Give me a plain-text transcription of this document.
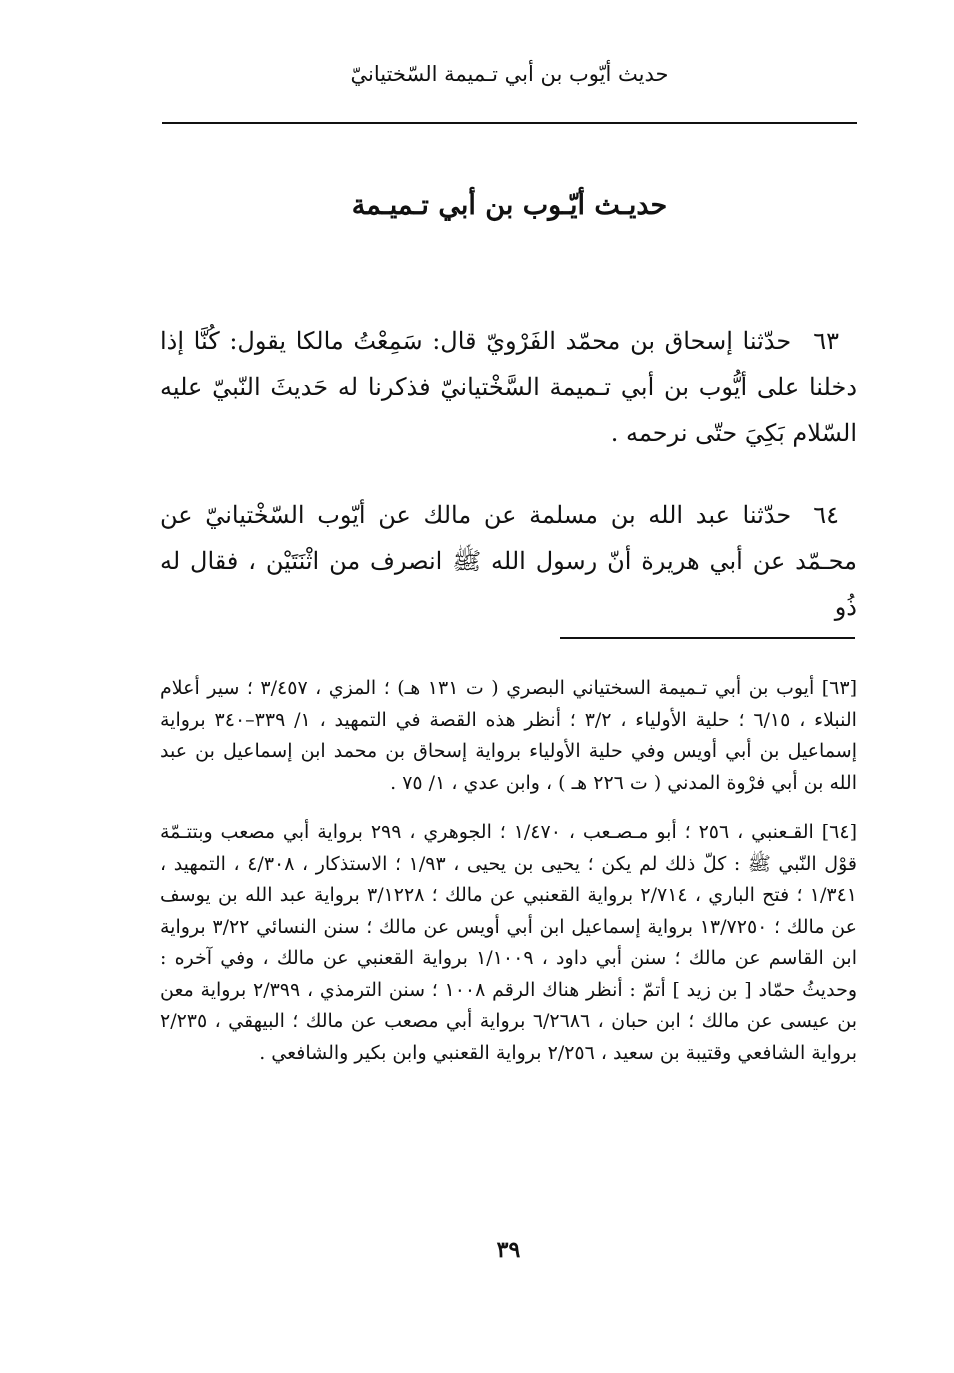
حديث أيّوب بن أبي تـميمة السّختيانيّ
حديـث أيّـوب بن أبي تـميـمة

٦٣حدّثنا إسحاق بن محمّد الفَرْويّ قال: سَمِعْتُ مالكا يقول: كُنَّا إذا دخلنا على أيُّوب بن أبي تـميمة السَّخْتيانيّ فذكرنا له حَديثَ النّبيّ عليه السّلام بَكِيَ حتّى نرحمه .

٦٤حدّثنا عبد الله بن مسلمة عن مالك عن أيّوب السّخْتيانيّ عن محـمّد عن أبي هريرة أنّ رسول الله ﷺ انصرف من اثْنَتَيْن ، فقال له ذُو

[٦٣] أيوب بن أبي تـميمة السختياني البصري ( ت ١٣١ هـ) ؛ المزي ، ٣/٤٥٧ ؛ سير أعلام النبلاء ، ٦/١٥ ؛ حلية الأولياء ، ٣/٢ ؛ أنظر هذه القصة في التمهيد ، ١/ ٣٣٩–٣٤٠ برواية إسماعيل بن أبي أويس وفي حلية الأولياء برواية إسحاق بن محمد ابن إسماعيل بن عبد الله بن أبي فرْوة المدني ( ت ٢٢٦ هـ ) ، وابن عدي ، ١/ ٧٥ .

[٦٤] القـعنبي ، ٢٥٦ ؛ أبو مـصـعب ، ١/٤٧٠ ؛ الجوهري ، ٢٩٩ برواية أبي مصعب وبتتـمّة قوْل النّبي ﷺ : كلّ ذلك لم يكن ؛ يحيى بن يحيى ، ١/٩٣ ؛ الاستذكار ، ٤/٣٠٨ ، التمهيد ، ١/٣٤١ ؛ فتح الباري ، ٢/٧١٤ برواية القعنبي عن مالك ؛ ٣/١٢٢٨ برواية عبد الله بن يوسف عن مالك ؛ ١٣/٧٢٥٠ برواية إسماعيل ابن أبي أويس عن مالك ؛ سنن النسائي ٣/٢٢ برواية ابن القاسم عن مالك ؛ سنن أبي داود ، ١/١٠٠٩ برواية القعنبي عن مالك ، وفي آخره : وحديثُ حمّاد [ بن زيد ] أتمّ : أنظر هناك الرقم ١٠٠٨ ؛ سنن الترمذي ، ٢/٣٩٩ برواية معن بن عيسى عن مالك ؛ ابن حبان ، ٦/٢٦٨٦ برواية أبي مصعب عن مالك ؛ البيهقي ، ٢/٢٣٥ برواية الشافعي وقتيبة بن سعيد ، ٢/٢٥٦ برواية القعنبي وابن بكير والشافعي .

٣٩
